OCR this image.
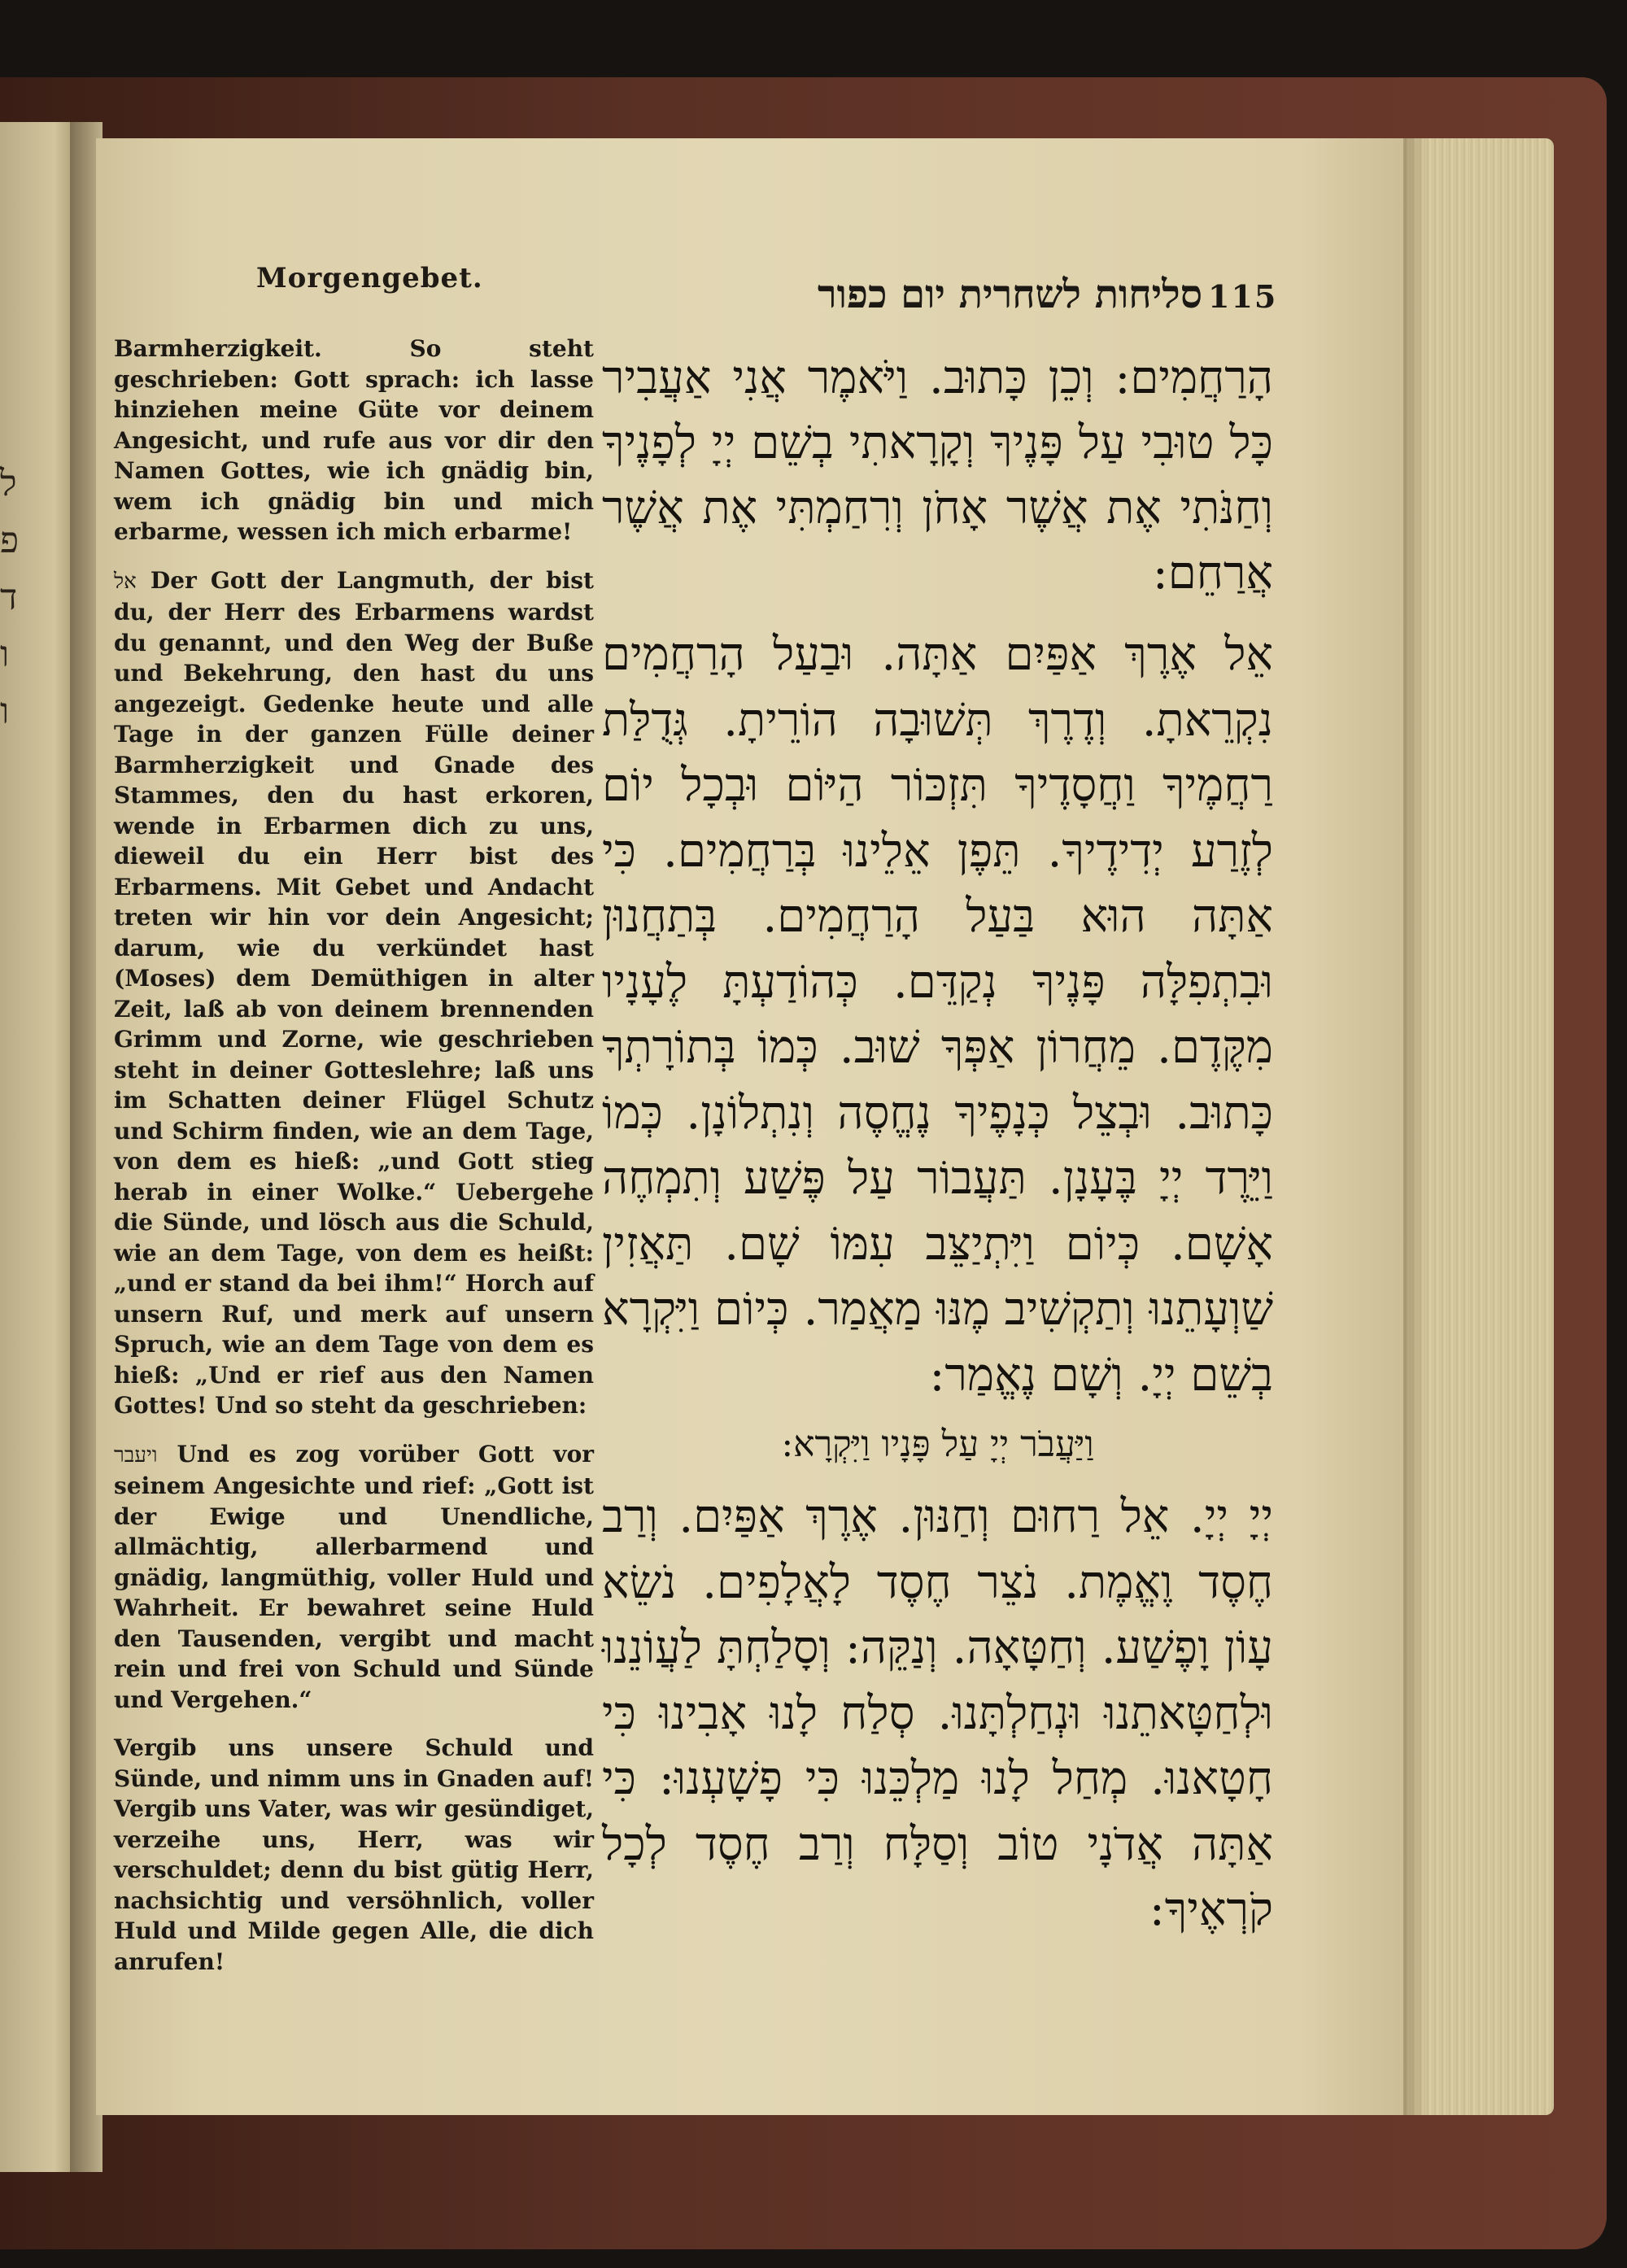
ל
פ
ד
ו
ו
Morgengebet.

Barmherzigkeit. So steht geschrieben: Gott sprach: ich lasse hinziehen meine Güte vor deinem Angesicht, und rufe aus vor dir den Namen Gottes, wie ich gnädig bin, wem ich gnädig bin und mich erbarme, wessen ich mich erbarme!

אל Der Gott der Langmuth, der bist du, der Herr des Erbarmens wardst du genannt, und den Weg der Buße und Bekehrung, den hast du uns angezeigt. Gedenke heute und alle Tage in der ganzen Fülle deiner Barmherzigkeit und Gnade des Stammes, den du hast erkoren, wende in Erbarmen dich zu uns, dieweil du ein Herr bist des Erbarmens. Mit Gebet und Andacht treten wir hin vor dein Angesicht; darum, wie du verkündet hast (Moses) dem Demüthigen in alter Zeit, laß ab von deinem brennenden Grimm und Zorne, wie geschrieben steht in deiner Gotteslehre; laß uns im Schatten deiner Flügel Schutz und Schirm finden, wie an dem Tage, von dem es hieß: „und Gott stieg herab in einer Wolke.“ Uebergehe die Sünde, und lösch aus die Schuld, wie an dem Tage, von dem es heißt: „und er stand da bei ihm!“ Horch auf unsern Ruf, und merk auf unsern Spruch, wie an dem Tage von dem es hieß: „Und er rief aus den Namen Gottes! Und so steht da geschrieben:

ויעבר Und es zog vorüber Gott vor seinem Angesichte und rief: „Gott ist der Ewige und Unendliche, allmächtig, allerbarmend und gnädig, langmüthig, voller Huld und Wahrheit. Er bewahret seine Huld den Tausenden, vergibt und macht rein und frei von Schuld und Sünde und Vergehen.“

Vergib uns unsere Schuld und Sünde, und nimm uns in Gnaden auf! Vergib uns Vater, was wir gesündiget, verzeihe uns, Herr, was wir verschuldet; denn du bist gütig Herr, nachsichtig und versöhnlich, voller Huld und Milde gegen Alle, die dich anrufen!

סליחות לשחרית יום כפור 115

הָרַחֲמִים: וְכֵן כָּתוּב. וַיֹּאמֶר אֲנִי אַעֲבִיר כָּל טוּבִי עַל פָּנֶיךָ וְקָרָאתִי בְשֵׁם יְיָ לְפָנֶיךָ וְחַנֹּתִי אֶת אֲשֶׁר אָחֹן וְרִחַמְתִּי אֶת אֲשֶׁר אֲרַחֵם:

אֵל אֶרֶךְ אַפַּיִם אַתָּה. וּבַעַל הָרַחֲמִים נִקְרֵאתָ. וְדֶרֶךְ תְּשׁוּבָה הוֹרֵיתָ. גְּדֻלַּת רַחֲמֶיךָ וַחֲסָדֶיךָ תִּזְכּוֹר הַיּוֹם וּבְכָל יוֹם לְזֶרַע יְדִידֶיךָ. תֵּפֶן אֵלֵינוּ בְּרַחֲמִים. כִּי אַתָּה הוּא בַּעַל הָרַחֲמִים. בְּתַחֲנוּן וּבִתְפִלָּה פָּנֶיךָ נְקַדֵּם. כְּהוֹדַעְתָּ לֶעָנָיו מִקֶּדֶם. מֵחֲרוֹן אַפְּךָ שׁוּב. כְּמוֹ בְּתוֹרָתְךָ כָּתוּב. וּבְצֵל כְּנָפֶיךָ נֶחֱסֶה וְנִתְלוֹנָן. כְּמוֹ וַיֵּרֶד יְיָ בֶּעָנָן. תַּעֲבוֹר עַל פֶּשַׁע וְתִמְחֶה אָשָׁם. כְּיוֹם וַיִּתְיַצֵּב עִמּוֹ שָׁם. תַּאֲזִין שַׁוְעָתֵנוּ וְתַקְשִׁיב מֶנּוּ מַאֲמַר. כְּיוֹם וַיִּקְרָא בְשֵׁם יְיָ. וְשָׁם נֶאֱמַר:

וַיַּעֲבֹר יְיָ עַל פָּנָיו וַיִּקְרָא:

יְיָ יְיָ. אֵל רַחוּם וְחַנּוּן. אֶרֶךְ אַפַּיִם. וְרַב חֶסֶד וֶאֱמֶת. נֹצֵר חֶסֶד לָאֲלָפִים. נֹשֵׂא עָוֹן וָפֶשַׁע. וְחַטָּאָה. וְנַקֵּה: וְסָלַחְתָּ לַעֲוֹנֵנוּ וּלְחַטָּאתֵנוּ וּנְחַלְתָּנוּ. סְלַח לָנוּ אָבִינוּ כִּי חָטָאנוּ. מְחַל לָנוּ מַלְכֵּנוּ כִּי פָשָׁעְנוּ: כִּי אַתָּה אֲדֹנָי טוֹב וְסַלָּח וְרַב חֶסֶד לְכָל קֹרְאֶיךָ:
